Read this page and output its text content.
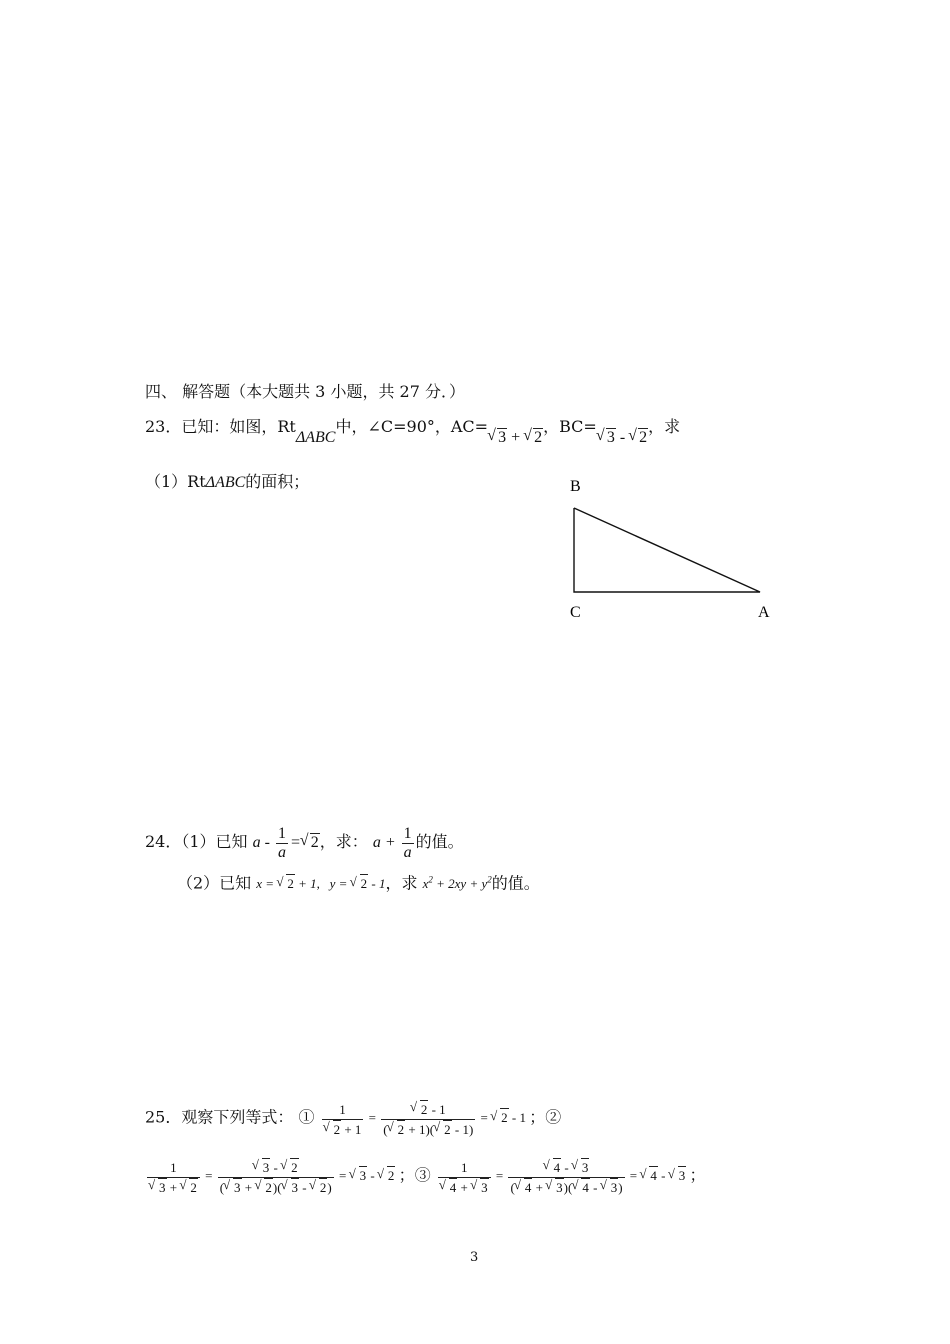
四、 解答题（本大题共 3 小题，共 27 分．）
23．已知：如图，RtΔABC中，∠C=90°，AC=√ 3 + √ 2，BC=√ 3 - √ 2，求
（1）RtΔABC的面积；	B
C	A
24．（1）已知 a - $\frac{1}{a}$ = √ 2，求： $a + \frac{1}{a}$ 的值。
（2）已知 x = √ 2 + 1,   y = √ 2 - 1，求 $x^2 + 2xy + y^2$的值。
25．观察下列等式： ① 1
√ 2 + 1 = √ $\frac{2 - 1}{( √ 2 + 1)( √ 2 - 1)}$ = √ 2 - 1 ；②
1
√ 3 + √ 2 = √ $\frac{3 - √ 2}{( √ 3 + √ 2)( √ 3 - √ 2)}$ = √ 3 - √ 2 ；③ 1
√ 4 + √ 3 = √ $\frac{4 - √ 3}{( √ 4 + √ 3)( √ 4 - √ 3)}$ = √ 4 - √ 3 ；
3
